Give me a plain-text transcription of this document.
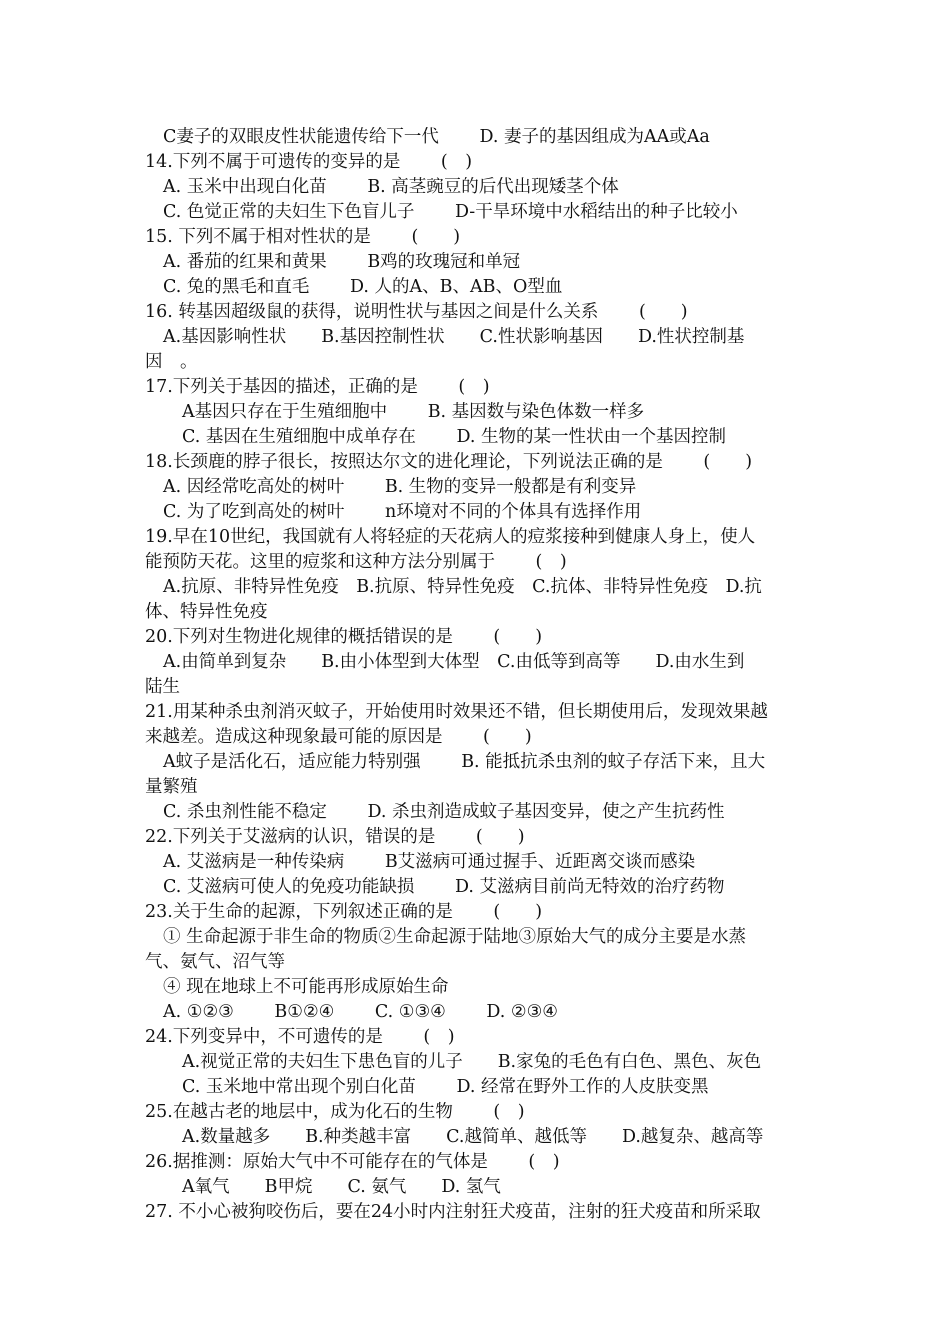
C妻子的双眼皮性状能遗传给下一代　　 D. 妻子的基因组成为AA或Aa
14.下列不属于可遗传的变异的是　　 (　)
A. 玉米中出现白化苗　　 B. 高茎豌豆的后代出现矮茎个体
C. 色觉正常的夫妇生下色盲儿子　　 D-干旱环境中水稻结出的种子比较小
15. 下列不属于相对性状的是　　 (　　)
A. 番茄的红果和黄果　　 B鸡的玫瑰冠和单冠
C. 兔的黑毛和直毛　　 D. 人的A、B、AB、O型血
16. 转基因超级鼠的获得，说明性状与基因之间是什么关系　　 (　　)
A.基因影响性状　　B.基因控制性状　　C.性状影响基因　　D.性状控制基
因　。
17.下列关于基因的描述，正确的是　　 (　)
A基因只存在于生殖细胞中　　 B. 基因数与染色体数一样多
C. 基因在生殖细胞中成单存在　　 D. 生物的某一性状由一个基因控制
18.长颈鹿的脖子很长，按照达尔文的进化理论，下列说法正确的是　　 (　　)
A. 因经常吃高处的树叶　　 B. 生物的变异一般都是有利变异
C. 为了吃到高处的树叶　　 n环境对不同的个体具有选择作用
19.早在10世纪，我国就有人将轻症的天花病人的痘浆接种到健康人身上，使人
能预防天花。这里的痘浆和这种方法分别属于　　 (　)
A.抗原、非特异性免疫　B.抗原、特异性免疫　C.抗体、非特异性免疫　D.抗
体、特异性免疫
20.下列对生物进化规律的概括错误的是　　 (　　)
A.由简单到复杂　　B.由小体型到大体型　C.由低等到高等　　D.由水生到
陆生
21.用某种杀虫剂消灭蚊子，开始使用时效果还不错，但长期使用后，发现效果越
来越差。造成这种现象最可能的原因是　　 (　　)
A蚊子是活化石，适应能力特别强　　 B. 能抵抗杀虫剂的蚊子存活下来，且大
量繁殖
C. 杀虫剂性能不稳定　　 D. 杀虫剂造成蚊子基因变异，使之产生抗药性
22.下列关于艾滋病的认识，错误的是　　 (　　)
A. 艾滋病是一种传染病　　 B艾滋病可通过握手、近距离交谈而感染
C. 艾滋病可使人的免疫功能缺损　　 D. 艾滋病目前尚无特效的治疗药物
23.关于生命的起源，下列叙述正确的是　　 (　　)
① 生命起源于非生命的物质②生命起源于陆地③原始大气的成分主要是水蒸
气、氨气、沼气等
④ 现在地球上不可能再形成原始生命
A. ①②③　　 B①②④　　 C. ①③④　　 D. ②③④
24.下列变异中，不可遗传的是　　 (　)
A.视觉正常的夫妇生下患色盲的儿子　　B.家兔的毛色有白色、黑色、灰色
C. 玉米地中常出现个别白化苗　　 D. 经常在野外工作的人皮肤变黑
25.在越古老的地层中，成为化石的生物　　 (　)
A.数量越多　　B.种类越丰富　　C.越简单、越低等　　D.越复杂、越高等
26.据推测：原始大气中不可能存在的气体是　　 (　)
A氧气　　B甲烷　　C. 氨气　　D. 氢气
27. 不小心被狗咬伤后，要在24小时内注射狂犬疫苗，注射的狂犬疫苗和所采取
